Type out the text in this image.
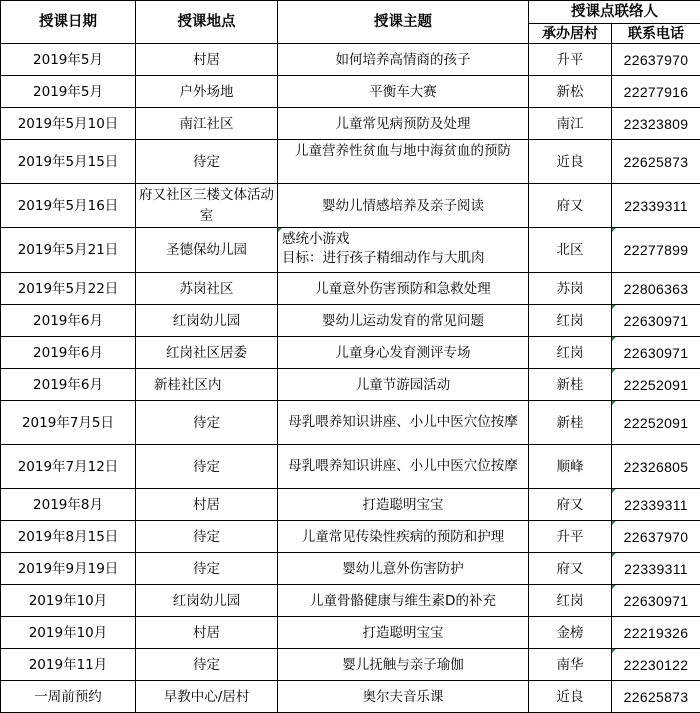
授课日期	授课地点	授课主题	授课点联络人	
			承办居村	联系电话
2019年5月	村居	如何培养高情商的孩子	升平	22637970
2019年5月	户外场地	平衡车大赛	新松	22277916
2019年5月10日	南江社区	儿童常见病预防及处理	南江	22323809
2019年5月15日	待定	儿童营养性贫血与地中海贫血的预防	近良	22625873
2019年5月16日	府又社区三楼文体活动室	婴幼儿情感培养及亲子阅读	府又	22339311
2019年5月21日	圣德保幼儿园	感统小游戏
目标：进行孩子精细动作与大肌肉	北区	22277899
2019年5月22日	苏岗社区	儿童意外伤害预防和急救处理	苏岗	22806363
2019年6月	红岗幼儿园	婴幼儿运动发育的常见问题	红岗	22630971
2019年6月	红岗社区居委	儿童身心发育测评专场	红岗	22630971
2019年6月	新桂社区内	儿童节游园活动	新桂	22252091
2019年7月5日	待定	母乳喂养知识讲座、小儿中医穴位按摩	新桂	22252091
2019年7月12日	待定	母乳喂养知识讲座、小儿中医穴位按摩	顺峰	22326805
2019年8月	村居	打造聪明宝宝	府又	22339311
2019年8月15日	待定	儿童常见传染性疾病的预防和护理	升平	22637970
2019年9月19日	待定	婴幼儿意外伤害防护	府又	22339311
2019年10月	红岗幼儿园	儿童骨骼健康与维生素D的补充	红岗	22630971
2019年10月	村居	打造聪明宝宝	金榜	22219326
2019年11月	待定	婴儿抚触与亲子瑜伽	南华	22230122
一周前预约	早教中心/居村	奥尔夫音乐课	近良	22625873
